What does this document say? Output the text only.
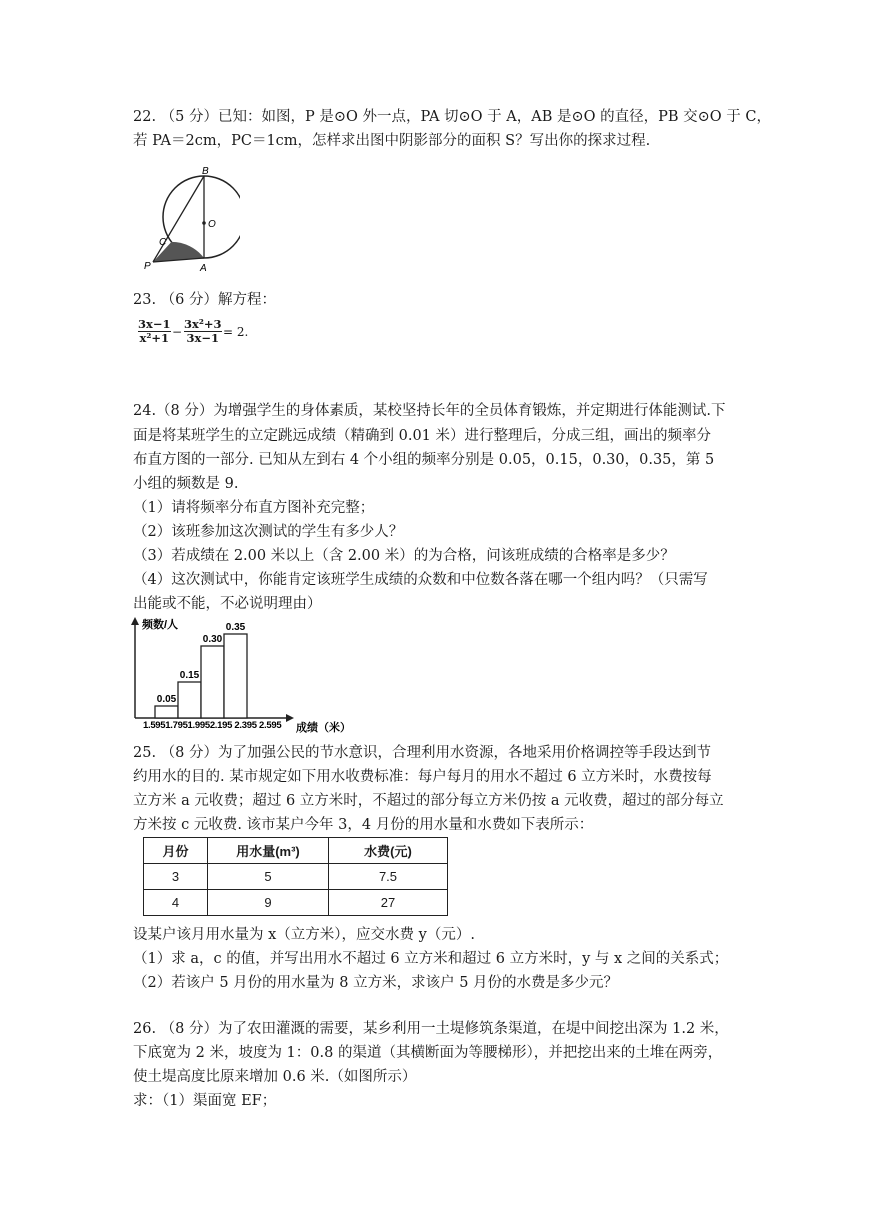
22. （5 分）已知：如图，P 是⊙O 外一点，PA 切⊙O 于 A，AB 是⊙O 的直径，PB 交⊙O 于 C，
若 PA＝2cm，PC＝1cm，怎样求出图中阴影部分的面积 S？写出你的探求过程.
B
O
C
P	A
23. （6 分）解方程：
3x−1
x²+1 −
3x²+3
3x−1 = 2.
24.（8 分）为增强学生的身体素质，某校坚持长年的全员体育锻炼，并定期进行体能测试.下
面是将某班学生的立定跳远成绩（精确到 0.01 米）进行整理后，分成三组，画出的频率分
布直方图的一部分. 已知从左到右 4 个小组的频率分别是 0.05，0.15，0.30，0.35，第 5
小组的频数是 9.
（1）请将频率分布直方图补充完整；
（2）该班参加这次测试的学生有多少人？
（3）若成绩在 2.00 米以上（含 2.00 米）的为合格，问该班成绩的合格率是多少？
（4）这次测试中，你能肯定该班学生成绩的众数和中位数各落在哪一个组内吗？（只需写
出能或不能，不必说明理由）
频数/人
成绩（米）
1.5951.7951.9952.195 2.395 2.595
0.05
0.15
0.30
0.35
25. （8 分）为了加强公民的节水意识，合理利用水资源，各地采用价格调控等手段达到节
约用水的目的. 某市规定如下用水收费标准：每户每月的用水不超过 6 立方米时，水费按每
立方米 a 元收费；超过 6 立方米时，不超过的部分每立方米仍按 a 元收费，超过的部分每立
方米按 c 元收费. 该市某户今年 3，4 月份的用水量和水费如下表所示：
月份	用水量(m³)	水费(元)
3	5	7.5
4	9	27
设某户该月用水量为 x（立方米），应交水费 y（元）.
（1）求 a，c 的值，并写出用水不超过 6 立方米和超过 6 立方米时，y 与 x 之间的关系式；
（2）若该户 5 月份的用水量为 8 立方米，求该户 5 月份的水费是多少元？
26. （8 分）为了农田灌溉的需要，某乡利用一土堤修筑条渠道，在堤中间挖出深为 1.2 米，
下底宽为 2 米，坡度为 1：0.8 的渠道（其横断面为等腰梯形），并把挖出来的土堆在两旁，
使土堤高度比原来增加 0.6 米.（如图所示）
求：（1）渠面宽 EF；
